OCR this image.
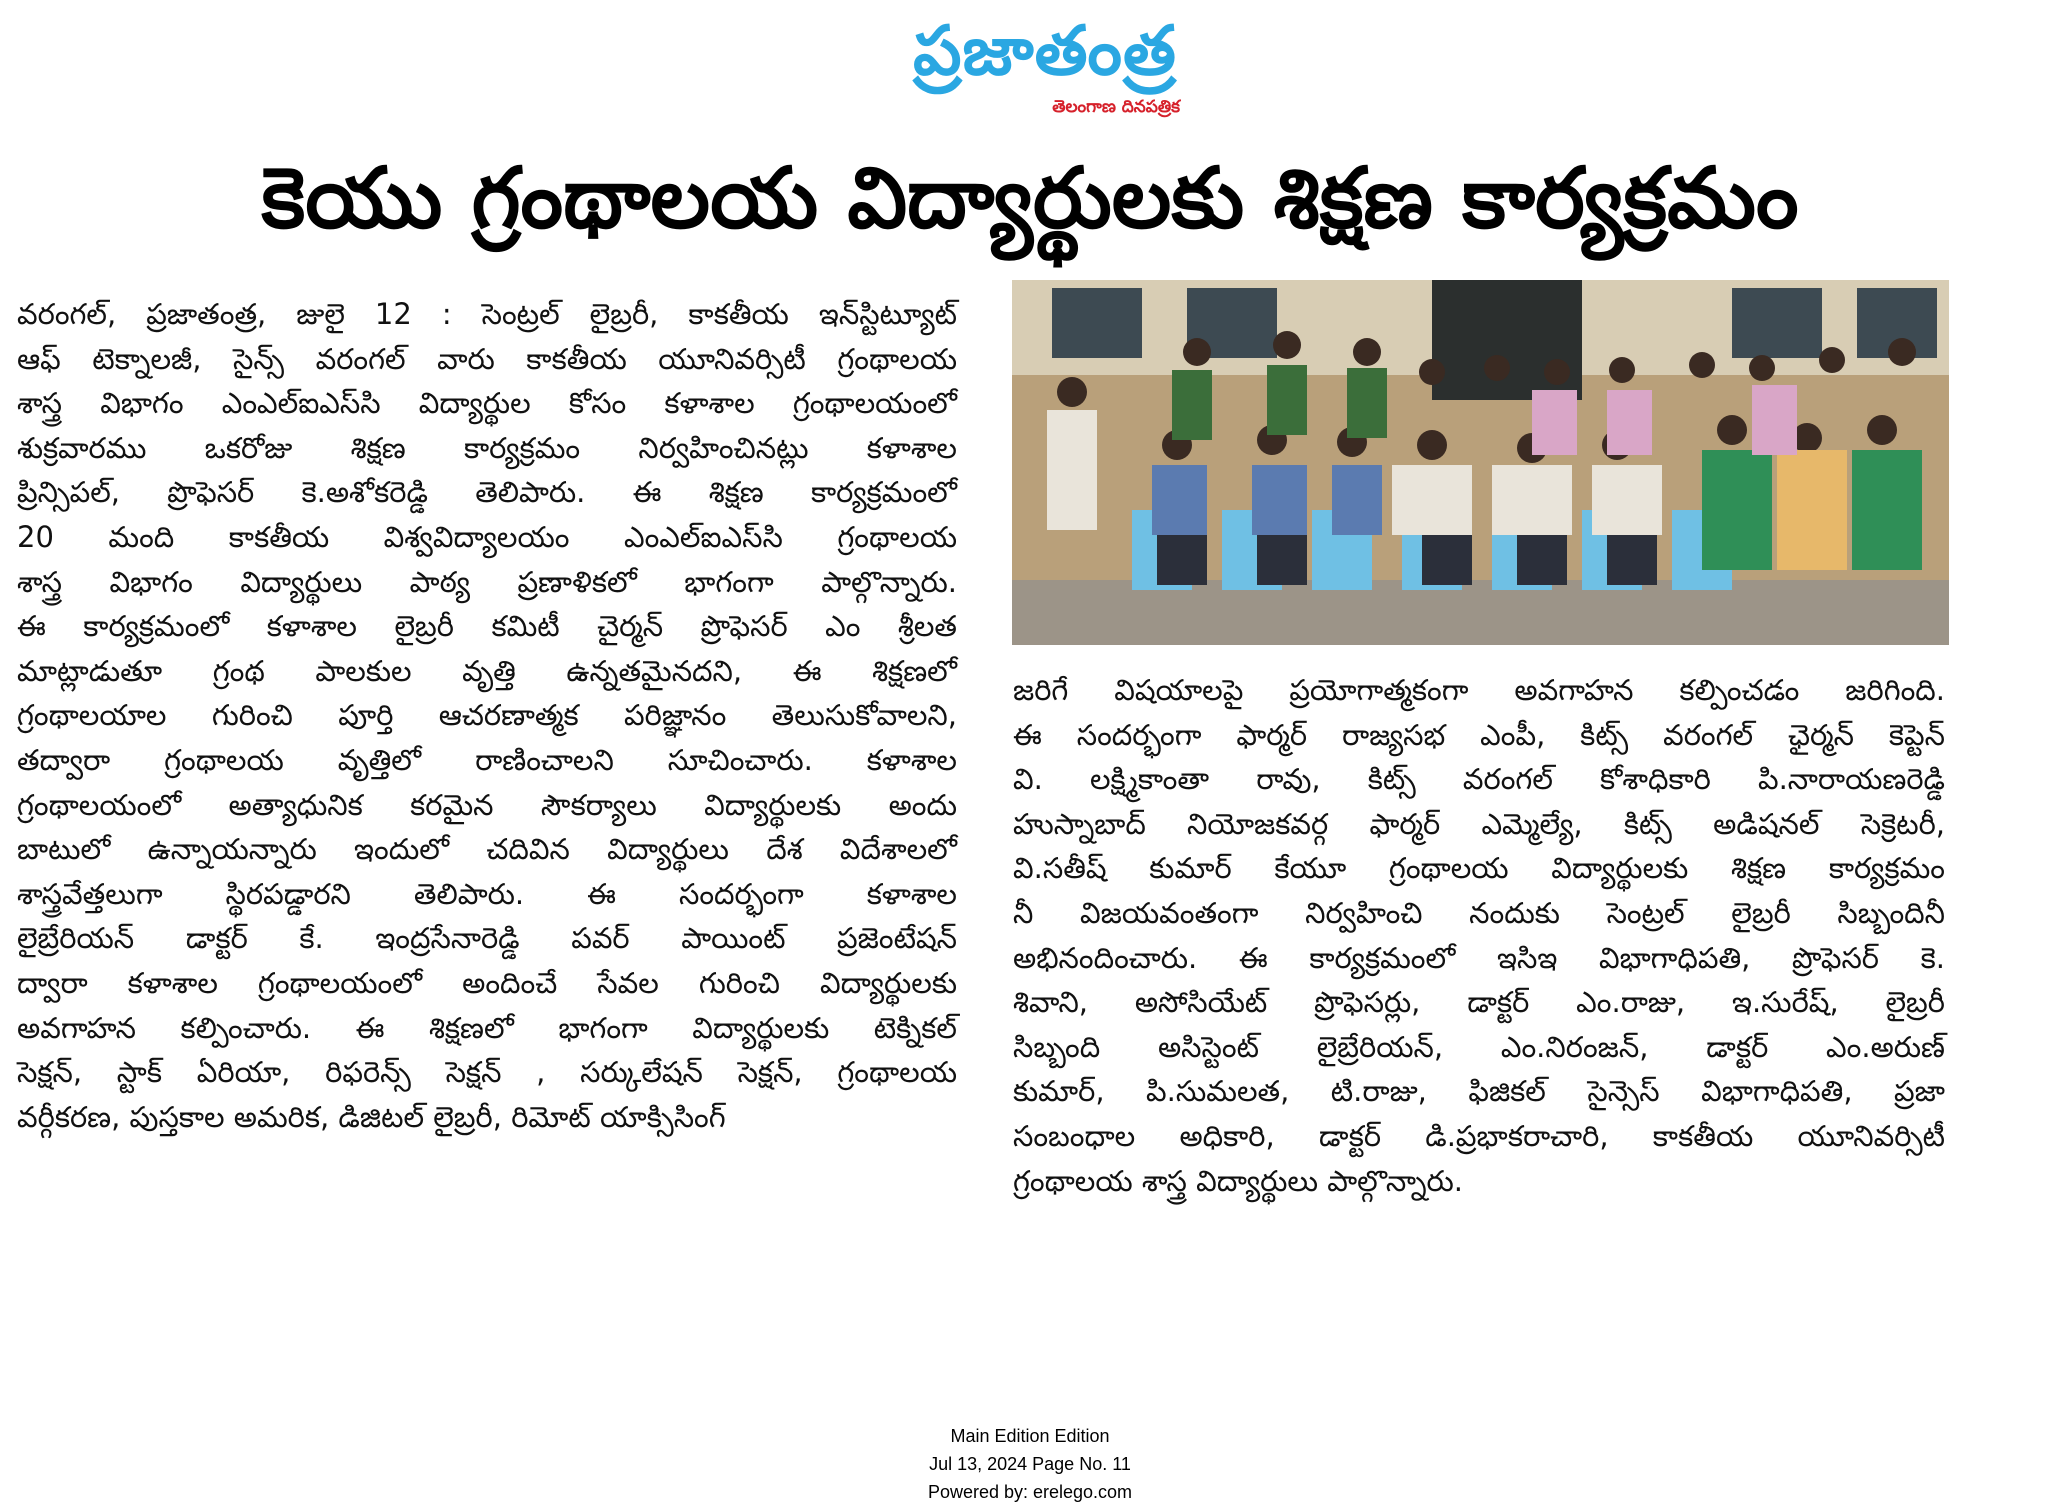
ప్రజాతంత్ర
తెలంగాణ దినపత్రిక
కెయు గ్రంథాలయ విద్యార్థులకు శిక్షణ కార్యక్రమం
వరంగల్, ప్రజాతంత్ర, జులై 12 : సెంట్రల్ లైబ్రరీ, కాకతీయ ఇన్‌స్టిట్యూట్
ఆఫ్ టెక్నాలజీ, సైన్స్ వరంగల్ వారు కాకతీయ యూనివర్సిటీ గ్రంథాలయ
శాస్త్ర విభాగం ఎంఎల్ఐఎస్‌సి విద్యార్థుల కోసం కళాశాల గ్రంథాలయంలో
శుక్రవారము ఒకరోజు శిక్షణ కార్యక్రమం నిర్వహించినట్లు కళాశాల
ప్రిన్సిపల్, ప్రొఫెసర్ కె.అశోకరెడ్డి తెలిపారు. ఈ శిక్షణ కార్యక్రమంలో
20 మంది కాకతీయ విశ్వవిద్యాలయం ఎంఎల్ఐఎస్‌సి గ్రంథాలయ
శాస్త్ర విభాగం విద్యార్థులు పాఠ్య ప్రణాళికలో భాగంగా పాల్గొన్నారు.
ఈ కార్యక్రమంలో కళాశాల లైబ్రరీ కమిటీ చైర్మన్ ప్రొఫెసర్ ఎం శ్రీలత
మాట్లాడుతూ గ్రంథ పాలకుల వృత్తి ఉన్నతమైనదని, ఈ శిక్షణలో
గ్రంథాలయాల గురించి పూర్తి ఆచరణాత్మక పరిజ్ఞానం తెలుసుకోవాలని,
తద్వారా గ్రంథాలయ వృత్తిలో రాణించాలని సూచించారు. కళాశాల
గ్రంథాలయంలో అత్యాధునిక కరమైన సౌకర్యాలు విద్యార్థులకు అందు
బాటులో ఉన్నాయన్నారు ఇందులో చదివిన విద్యార్థులు దేశ విదేశాలలో
శాస్త్రవేత్తలుగా స్థిరపడ్డారని తెలిపారు. ఈ సందర్భంగా కళాశాల
లైబ్రేరియన్ డాక్టర్ కే. ఇంద్రసేనారెడ్డి పవర్ పాయింట్ ప్రజెంటేషన్
ద్వారా కళాశాల గ్రంథాలయంలో అందించే సేవల గురించి విద్యార్థులకు
అవగాహన కల్పించారు. ఈ శిక్షణలో భాగంగా విద్యార్థులకు టెక్నికల్
సెక్షన్, స్టాక్ ఏరియా, రిఫరెన్స్ సెక్షన్ , సర్కులేషన్ సెక్షన్, గ్రంథాలయ
వర్గీకరణ, పుస్తకాల అమరిక, డిజిటల్ లైబ్రరీ, రిమోట్ యాక్సిసింగ్
జరిగే విషయాలపై ప్రయోగాత్మకంగా అవగాహన కల్పించడం జరిగింది.
ఈ సందర్భంగా ఫార్మర్ రాజ్యసభ ఎంపీ, కిట్స్ వరంగల్ ఛైర్మన్ కెప్టెన్
వి. లక్ష్మికాంతా రావు, కిట్స్ వరంగల్ కోశాధికారి పి.నారాయణరెడ్డి
హుస్నాబాద్ నియోజకవర్గ ఫార్మర్ ఎమ్మెల్యే, కిట్స్ అడిషనల్ సెక్రెటరీ,
వి.సతీష్ కుమార్ కేయూ గ్రంథాలయ విద్యార్థులకు శిక్షణ కార్యక్రమం
నీ విజయవంతంగా నిర్వహించి నందుకు సెంట్రల్ లైబ్రరీ సిబ్బందినీ
అభినందించారు. ఈ కార్యక్రమంలో ఇసిఇ విభాగాధిపతి, ప్రొఫెసర్ కె.
శివాని, అసోసియేట్ ప్రొఫెసర్లు, డాక్టర్ ఎం.రాజు, ఇ.సురేష్, లైబ్రరీ
సిబ్బంది అసిస్టెంట్ లైబ్రేరియన్, ఎం.నిరంజన్, డాక్టర్ ఎం.అరుణ్
కుమార్, పి.సుమలత, టి.రాజు, ఫిజికల్ సైన్సెస్ విభాగాధిపతి, ప్రజా
సంబంధాల అధికారి, డాక్టర్ డి.ప్రభాకరాచారి, కాకతీయ యూనివర్సిటీ
గ్రంథాలయ శాస్త్ర విద్యార్థులు పాల్గొన్నారు.
Main Edition Edition
Jul 13, 2024 Page No. 11
Powered by: erelego.com
